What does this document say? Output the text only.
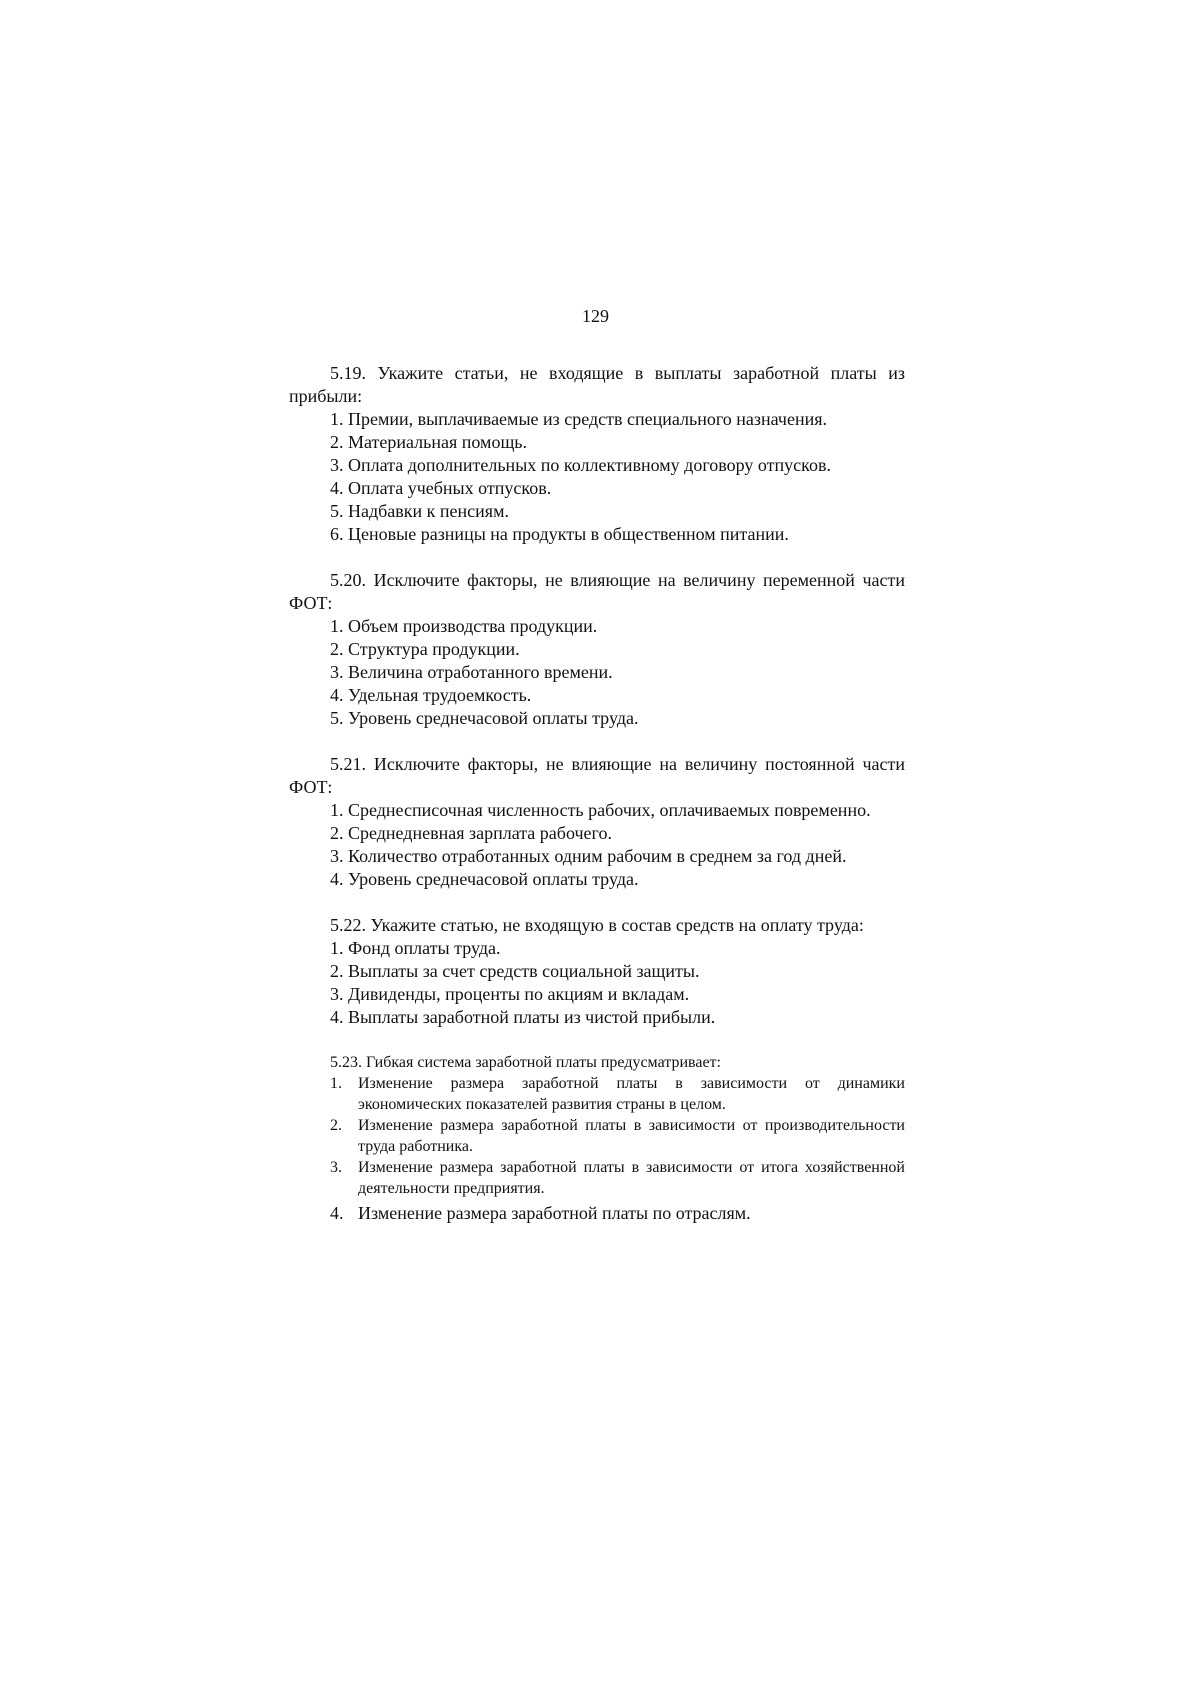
129

5.19. Укажите статьи, не входящие в выплаты заработной платы из прибыли:

1. Премии, выплачиваемые из средств специального назначения.
2. Материальная помощь.
3. Оплата дополнительных по коллективному договору отпусков.
4. Оплата учебных отпусков.
5. Надбавки к пенсиям.
6. Ценовые разницы на продукты в общественном питании.

5.20. Исключите факторы, не влияющие на величину переменной части ФОТ:

1. Объем производства продукции.
2. Структура продукции.
3. Величина отработанного времени.
4. Удельная трудоемкость.
5. Уровень среднечасовой оплаты труда.

5.21. Исключите факторы, не влияющие на величину постоянной части ФОТ:

1. Среднесписочная численность рабочих, оплачиваемых повременно.
2. Среднедневная зарплата рабочего.
3. Количество отработанных одним рабочим в среднем за год дней.
4. Уровень среднечасовой оплаты труда.

5.22. Укажите статью, не входящую в состав средств на оплату труда:

1. Фонд оплаты труда.
2. Выплаты за счет средств социальной защиты.
3. Дивиденды, проценты по акциям и вкладам.
4. Выплаты заработной платы из чистой прибыли.

5.23. Гибкая система заработной платы предусматривает:

1.	Изменение размера заработной платы в зависимости от динамики экономических показателей развития страны в целом.
2.	Изменение размера заработной платы в зависимости от производительности труда работника.
3.	Изменение размера заработной платы в зависимости от итога хозяйственной деятельности предприятия.
4. Изменение размера заработной платы по отраслям.
